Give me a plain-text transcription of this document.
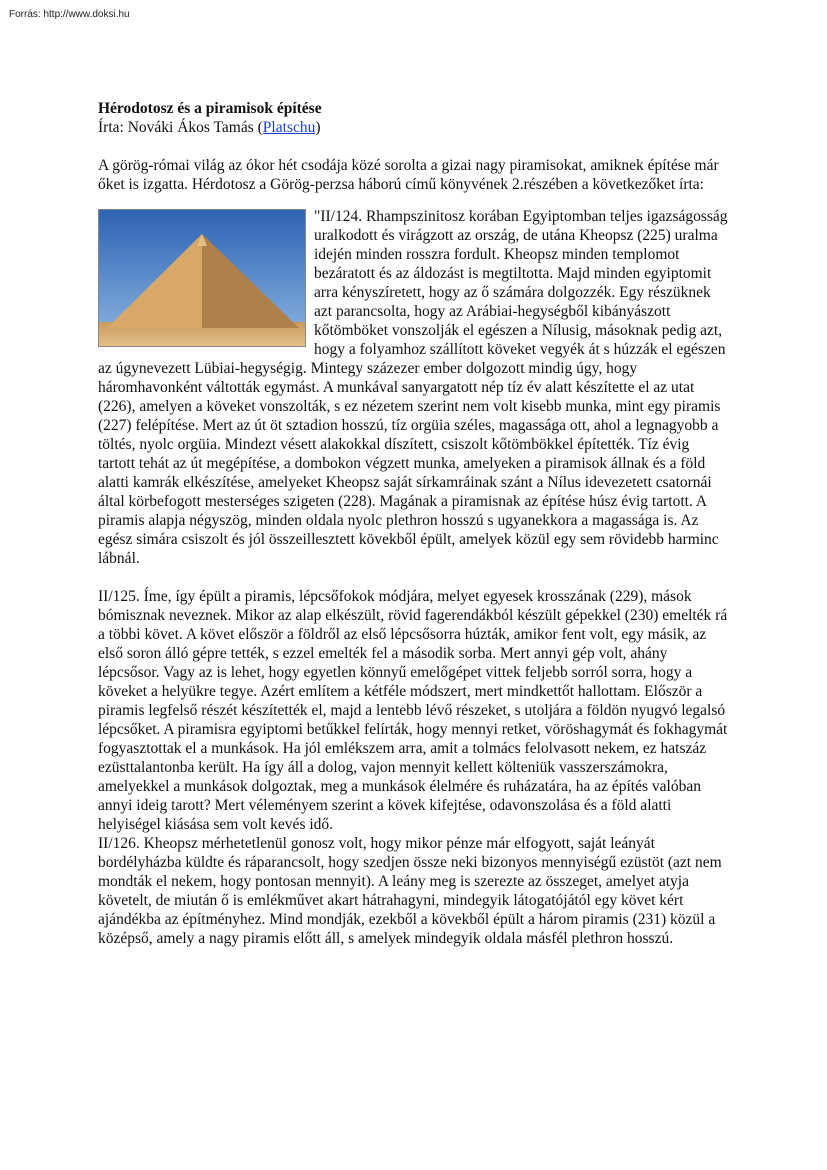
Forrás: http://www.doksi.hu

Hérodotosz és a piramisok építése

Írta: Nováki Ákos Tamás (Platschu)

A görög-római világ az ókor hét csodája közé sorolta a gizai nagy piramisokat, amiknek építése már őket is izgatta. Hérdotosz a Görög-perzsa háború című könyvének 2.részében a következőket írta:

"II/124. Rhampszinitosz korában Egyiptomban teljes igazságosság uralkodott és virágzott az ország, de utána Kheopsz (225) uralma idején minden rosszra fordult. Kheopsz minden templomot bezáratott és az áldozást is megtiltotta. Majd minden egyiptomit arra kényszíretett, hogy az ő számára dolgozzék. Egy részüknek azt parancsolta, hogy az Arábiai-hegységből kibányászott kőtömböket vonszolják el egészen a Nílusig, másoknak pedig azt, hogy a folyamhoz szállított köveket vegyék át s húzzák el egészen az úgynevezett Lübiai-hegységig. Mintegy százezer ember dolgozott mindig úgy, hogy háromhavonként váltották egymást. A munkával sanyargatott nép tíz év alatt készítette el az utat (226), amelyen a köveket vonszolták, s ez nézetem szerint nem volt kisebb munka, mint egy piramis (227) felépítése. Mert az út öt sztadion hosszú, tíz orgüia széles, magassága ott, ahol a legnagyobb a töltés, nyolc orgüia. Mindezt vésett alakokkal díszített, csiszolt kőtömbökkel építették. Tíz évig tartott tehát az út megépítése, a dombokon végzett munka, amelyeken a piramisok állnak és a föld alatti kamrák elkészítése, amelyeket Kheopsz saját sírkamráinak szánt a Nílus idevezetett csatornái által körbefogott mesterséges szigeten (228). Magának a piramisnak az építése húsz évig tartott. A piramis alapja négyszög, minden oldala nyolc plethron hosszú s ugyanekkora a magassága is. Az egész simára csiszolt és jól összeillesztett kövekből épült, amelyek közül egy sem rövidebb harminc lábnál.

II/125. Íme, így épült a piramis, lépcsőfokok módjára, melyet egyesek krosszának (229), mások bómisznak neveznek. Mikor az alap elkészült, rövid fagerendákból készült gépekkel (230) emelték rá a többi követ. A követ először a földről az első lépcsősorra húzták, amikor fent volt, egy másik, az első soron álló gépre tették, s ezzel emelték fel a második sorba. Mert annyi gép volt, ahány lépcsősor. Vagy az is lehet, hogy egyetlen könnyű emelőgépet vittek feljebb sorról sorra, hogy a köveket a helyükre tegye. Azért említem a kétféle módszert, mert mindkettőt hallottam. Először a piramis legfelső részét készítették el, majd a lentebb lévő részeket, s utoljára a földön nyugvó legalsó lépcsőket. A piramisra egyiptomi betűkkel felírták, hogy mennyi retket, vöröshagymát és fokhagymát fogyasztottak el a munkások. Ha jól emlékszem arra, amit a tolmács felolvasott nekem, ez hatszáz ezüsttalantonba került. Ha így áll a dolog, vajon mennyit kellett költeniük vasszerszámokra, amelyekkel a munkások dolgoztak, meg a munkások élelmére és ruházatára, ha az építés valóban annyi ideig tarott? Mert véleményem szerint a kövek kifejtése, odavonszolása és a föld alatti helyiségel kiásása sem volt kevés idő.

II/126. Kheopsz mérhetetlenül gonosz volt, hogy mikor pénze már elfogyott, saját leányát bordélyházba küldte és ráparancsolt, hogy szedjen össze neki bizonyos mennyiségű ezüstöt (azt nem mondták el nekem, hogy pontosan mennyit). A leány meg is szerezte az összeget, amelyet atyja követelt, de miután ő is emlékművet akart hátrahagyni, mindegyik látogatójától egy követ kért ajándékba az építményhez. Mind mondják, ezekből a kövekből épült a három piramis (231) közül a középső, amely a nagy piramis előtt áll, s amelyek mindegyik oldala másfél plethron hosszú.
